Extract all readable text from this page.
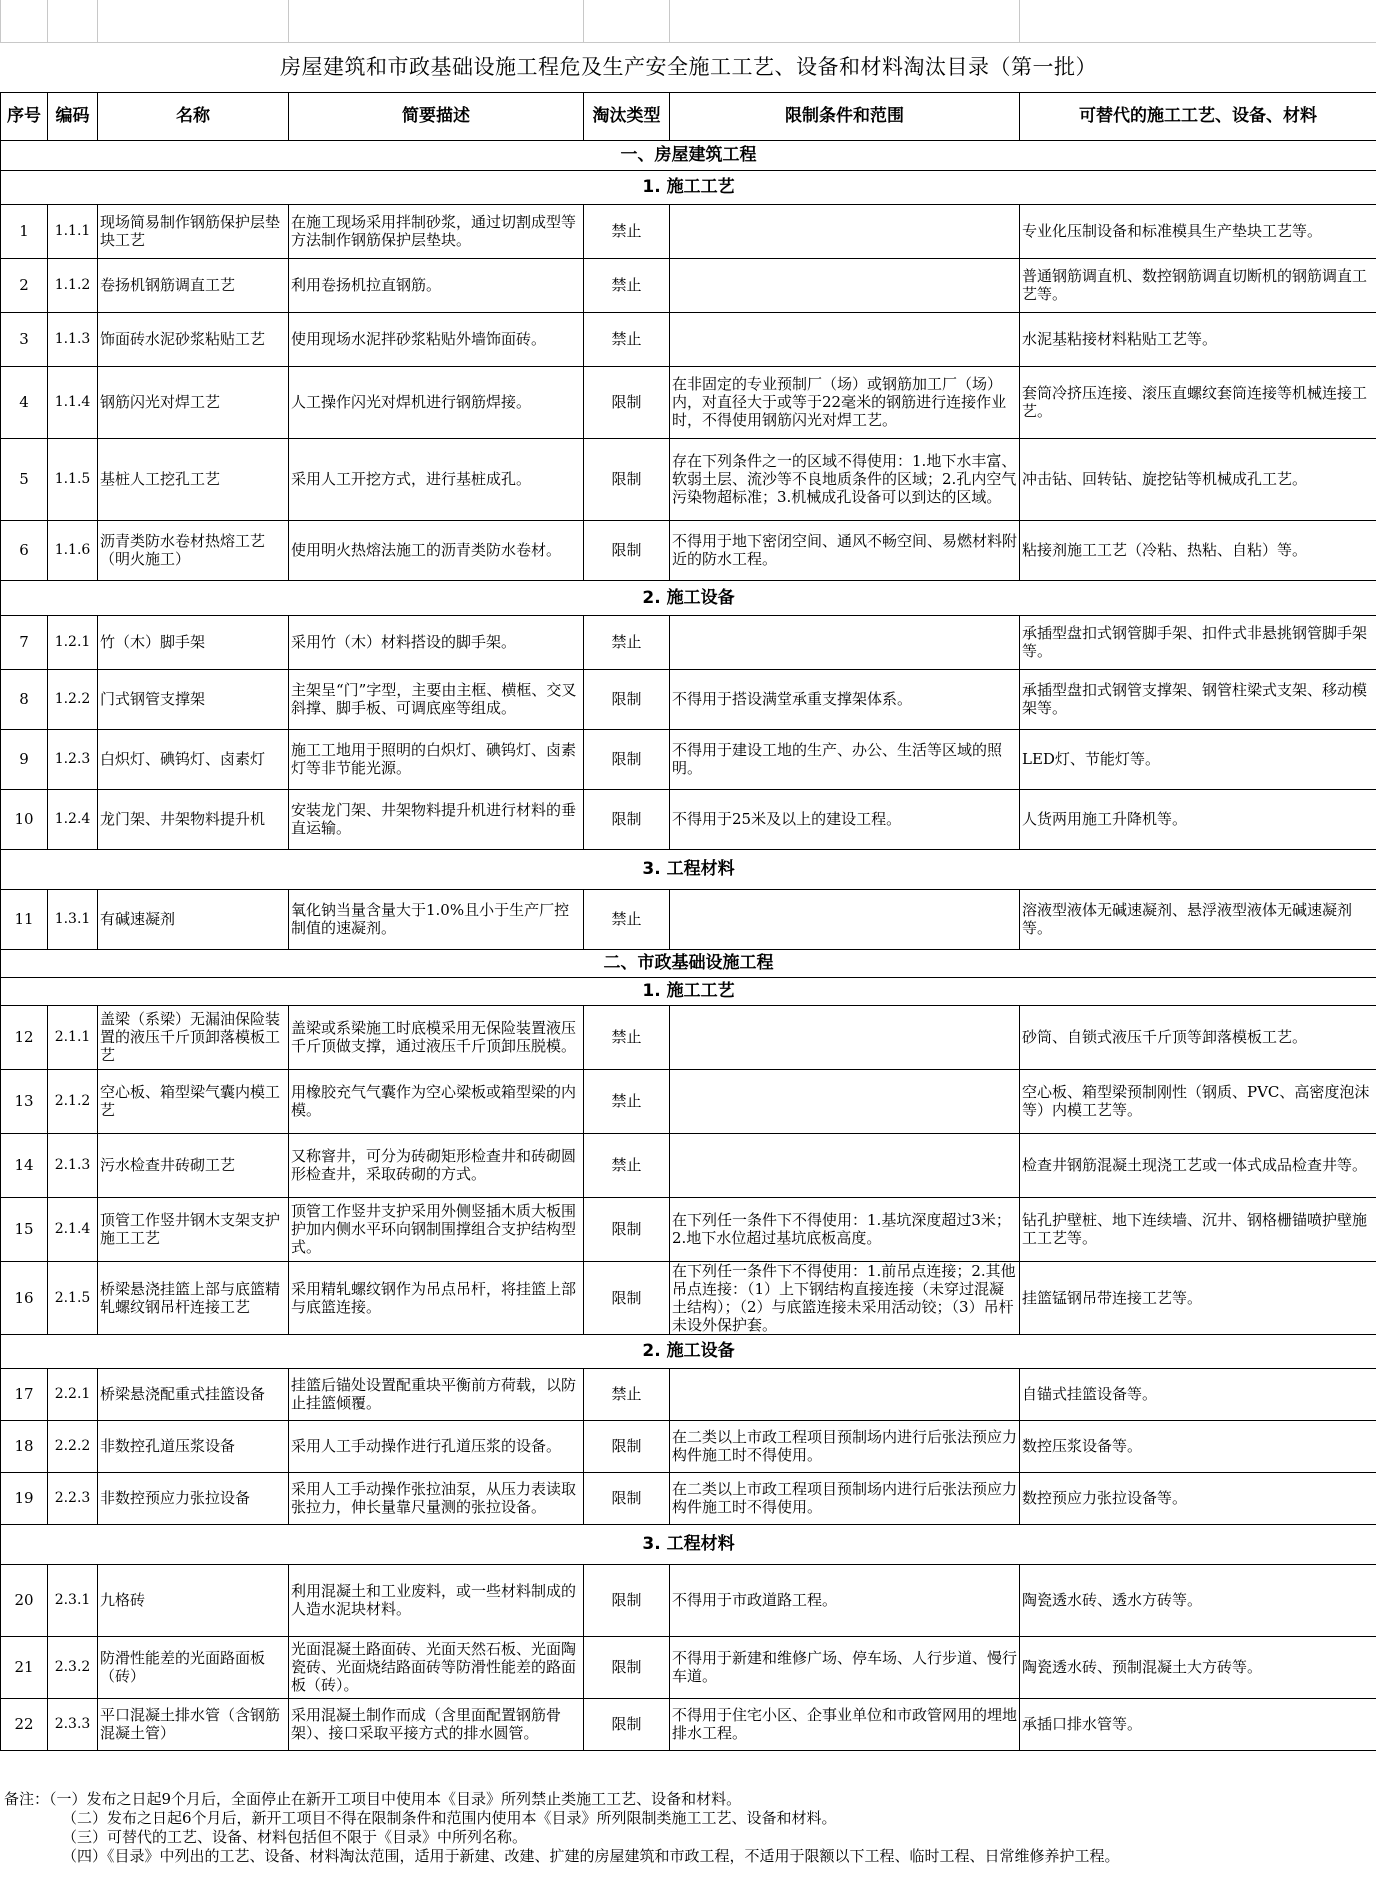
房屋建筑和市政基础设施工程危及生产安全施工工艺、设备和材料淘汰目录（第一批）						
序号	编码	名称	简要描述	淘汰类型	限制条件和范围	可替代的施工工艺、设备、材料
一、房屋建筑工程						
1. 施工工艺						
1	1.1.1	现场简易制作钢筋保护层垫块工艺	在施工现场采用拌制砂浆，通过切割成型等方法制作钢筋保护层垫块。	禁止		专业化压制设备和标准模具生产垫块工艺等。
2	1.1.2	卷扬机钢筋调直工艺	利用卷扬机拉直钢筋。	禁止		普通钢筋调直机、数控钢筋调直切断机的钢筋调直工艺等。
3	1.1.3	饰面砖水泥砂浆粘贴工艺	使用现场水泥拌砂浆粘贴外墙饰面砖。	禁止		水泥基粘接材料粘贴工艺等。
4	1.1.4	钢筋闪光对焊工艺	人工操作闪光对焊机进行钢筋焊接。	限制	在非固定的专业预制厂（场）或钢筋加工厂（场）内，对直径大于或等于22毫米的钢筋进行连接作业时，不得使用钢筋闪光对焊工艺。	套筒冷挤压连接、滚压直螺纹套筒连接等机械连接工艺。
5	1.1.5	基桩人工挖孔工艺	采用人工开挖方式，进行基桩成孔。	限制	存在下列条件之一的区域不得使用：1.地下水丰富、软弱土层、流沙等不良地质条件的区域；2.孔内空气污染物超标准；3.机械成孔设备可以到达的区域。	冲击钻、回转钻、旋挖钻等机械成孔工艺。
6	1.1.6	沥青类防水卷材热熔工艺（明火施工）	使用明火热熔法施工的沥青类防水卷材。	限制	不得用于地下密闭空间、通风不畅空间、易燃材料附近的防水工程。	粘接剂施工工艺（冷粘、热粘、自粘）等。
2. 施工设备						
7	1.2.1	竹（木）脚手架	采用竹（木）材料搭设的脚手架。	禁止		承插型盘扣式钢管脚手架、扣件式非悬挑钢管脚手架等。
8	1.2.2	门式钢管支撑架	主架呈“门”字型，主要由主框、横框、交叉斜撑、脚手板、可调底座等组成。	限制	不得用于搭设满堂承重支撑架体系。	承插型盘扣式钢管支撑架、钢管柱梁式支架、移动模架等。
9	1.2.3	白炽灯、碘钨灯、卤素灯	施工工地用于照明的白炽灯、碘钨灯、卤素灯等非节能光源。	限制	不得用于建设工地的生产、办公、生活等区域的照明。	LED灯、节能灯等。
10	1.2.4	龙门架、井架物料提升机	安装龙门架、井架物料提升机进行材料的垂直运输。	限制	不得用于25米及以上的建设工程。	人货两用施工升降机等。
3. 工程材料						
11	1.3.1	有碱速凝剂	氧化钠当量含量大于1.0%且小于生产厂控制值的速凝剂。	禁止		溶液型液体无碱速凝剂、悬浮液型液体无碱速凝剂等。
二、市政基础设施工程						
1. 施工工艺						
12	2.1.1	盖梁（系梁）无漏油保险装置的液压千斤顶卸落模板工艺	盖梁或系梁施工时底模采用无保险装置液压千斤顶做支撑，通过液压千斤顶卸压脱模。	禁止		砂筒、自锁式液压千斤顶等卸落模板工艺。
13	2.1.2	空心板、箱型梁气囊内模工艺	用橡胶充气气囊作为空心梁板或箱型梁的内模。	禁止		空心板、箱型梁预制刚性（钢质、PVC、高密度泡沫等）内模工艺等。
14	2.1.3	污水检查井砖砌工艺	又称窨井，可分为砖砌矩形检查井和砖砌圆形检查井，采取砖砌的方式。	禁止		检查井钢筋混凝土现浇工艺或一体式成品检查井等。
15	2.1.4	顶管工作竖井钢木支架支护施工工艺	顶管工作竖井支护采用外侧竖插木质大板围护加内侧水平环向钢制围撑组合支护结构型式。	限制	在下列任一条件下不得使用：1.基坑深度超过3米；2.地下水位超过基坑底板高度。	钻孔护壁桩、地下连续墙、沉井、钢格栅锚喷护壁施工工艺等。
16	2.1.5	桥梁悬浇挂篮上部与底篮精轧螺纹钢吊杆连接工艺	采用精轧螺纹钢作为吊点吊杆，将挂篮上部与底篮连接。	限制	在下列任一条件下不得使用：1.前吊点连接；2.其他吊点连接：（1）上下钢结构直接连接（未穿过混凝土结构）；（2）与底篮连接未采用活动铰；（3）吊杆未设外保护套。	挂篮锰钢吊带连接工艺等。
2. 施工设备						
17	2.2.1	桥梁悬浇配重式挂篮设备	挂篮后锚处设置配重块平衡前方荷载，以防止挂篮倾覆。	禁止		自锚式挂篮设备等。
18	2.2.2	非数控孔道压浆设备	采用人工手动操作进行孔道压浆的设备。	限制	在二类以上市政工程项目预制场内进行后张法预应力构件施工时不得使用。	数控压浆设备等。
19	2.2.3	非数控预应力张拉设备	采用人工手动操作张拉油泵，从压力表读取张拉力，伸长量靠尺量测的张拉设备。	限制	在二类以上市政工程项目预制场内进行后张法预应力构件施工时不得使用。	数控预应力张拉设备等。
3. 工程材料						
20	2.3.1	九格砖	利用混凝土和工业废料，或一些材料制成的人造水泥块材料。	限制	不得用于市政道路工程。	陶瓷透水砖、透水方砖等。
21	2.3.2	防滑性能差的光面路面板（砖）	光面混凝土路面砖、光面天然石板、光面陶瓷砖、光面烧结路面砖等防滑性能差的路面板（砖）。	限制	不得用于新建和维修广场、停车场、人行步道、慢行车道。	陶瓷透水砖、预制混凝土大方砖等。
22	2.3.3	平口混凝土排水管（含钢筋混凝土管）	采用混凝土制作而成（含里面配置钢筋骨架）、接口采取平接方式的排水圆管。	限制	不得用于住宅小区、企事业单位和市政管网用的埋地排水工程。	承插口排水管等。
备注：（一）发布之日起9个月后，全面停止在新开工项目中使用本《目录》所列禁止类施工工艺、设备和材料。
（二）发布之日起6个月后，新开工项目不得在限制条件和范围内使用本《目录》所列限制类施工工艺、设备和材料。
（三）可替代的工艺、设备、材料包括但不限于《目录》中所列名称。
（四）《目录》中列出的工艺、设备、材料淘汰范围，适用于新建、改建、扩建的房屋建筑和市政工程，不适用于限额以下工程、临时工程、日常维修养护工程。
